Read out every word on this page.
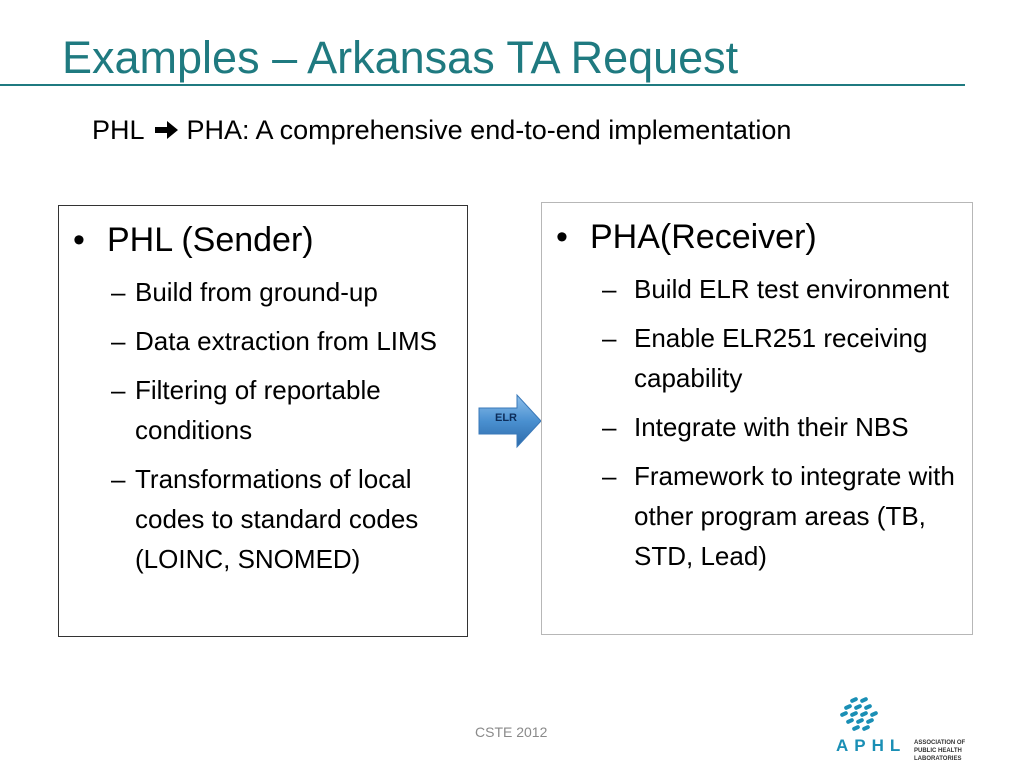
Examples – Arkansas TA Request
PHL PHA: A comprehensive end-to-end implementation
• PHL (Sender)
– Build from ground-up
– Data extraction from LIMS
– Filtering of reportable conditions
– Transformations of local codes to standard codes (LOINC, SNOMED)
ELR
• PHA(Receiver)
– Build ELR test environment
– Enable ELR251 receiving capability
– Integrate with their NBS
– Framework to integrate with other program areas (TB, STD, Lead)
CSTE 2012
APHL ASSOCIATION OF PUBLIC HEALTH LABORATORIES
